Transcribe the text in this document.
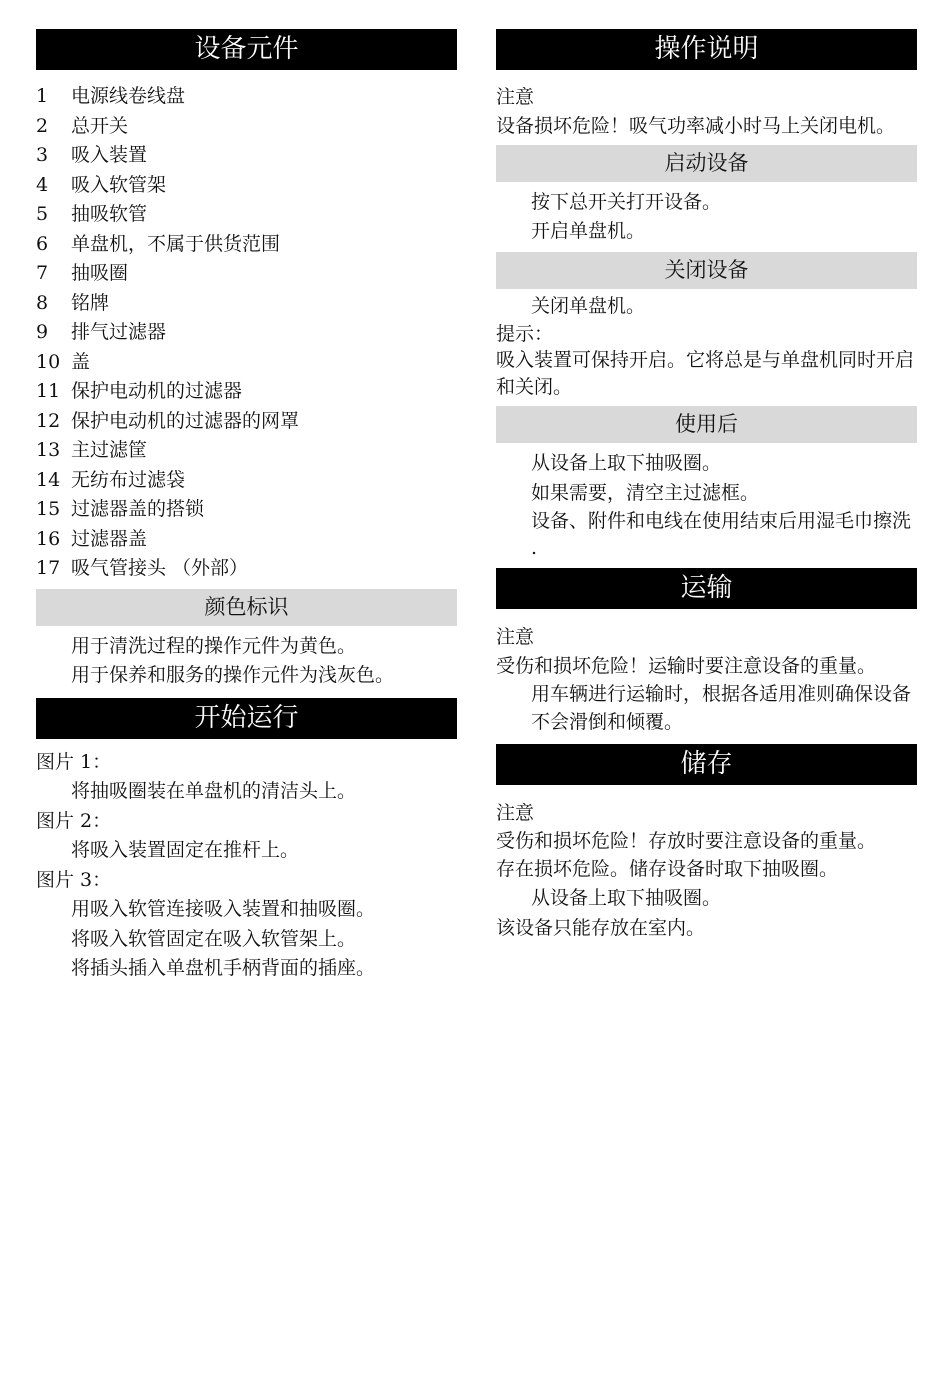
设备元件
1	电源线卷线盘
2	总开关
3	吸入装置
4	吸入软管架
5	抽吸软管
6	单盘机，不属于供货范围
7	抽吸圈
8	铭牌
9	排气过滤器
10 盖
11 保护电动机的过滤器
12 保护电动机的过滤器的网罩
13 主过滤筐
14 无纺布过滤袋
15 过滤器盖的搭锁
16 过滤器盖
17 吸气管接头 （外部）
颜色标识
用于清洗过程的操作元件为黄色。
用于保养和服务的操作元件为浅灰色。
开始运行
图片 1：
将抽吸圈装在单盘机的清洁头上。
图片 2：
将吸入装置固定在推杆上。
图片 3：
用吸入软管连接吸入装置和抽吸圈。
将吸入软管固定在吸入软管架上。
将插头插入单盘机手柄背面的插座。
操作说明
注意
设备损坏危险！吸气功率减小时马上关闭电机。
启动设备
按下总开关打开设备。
开启单盘机。
关闭设备
关闭单盘机。
提示：
吸入装置可保持开启。它将总是与单盘机同时开启和关闭。
使用后
从设备上取下抽吸圈。
如果需要，清空主过滤框。
设备、附件和电线在使用结束后用湿毛巾擦洗 .
运输
注意
受伤和损坏危险！运输时要注意设备的重量。
用车辆进行运输时，根据各适用准则确保设备不会滑倒和倾覆。
储存
注意
受伤和损坏危险！存放时要注意设备的重量。
存在损坏危险。储存设备时取下抽吸圈。
从设备上取下抽吸圈。
该设备只能存放在室内。
